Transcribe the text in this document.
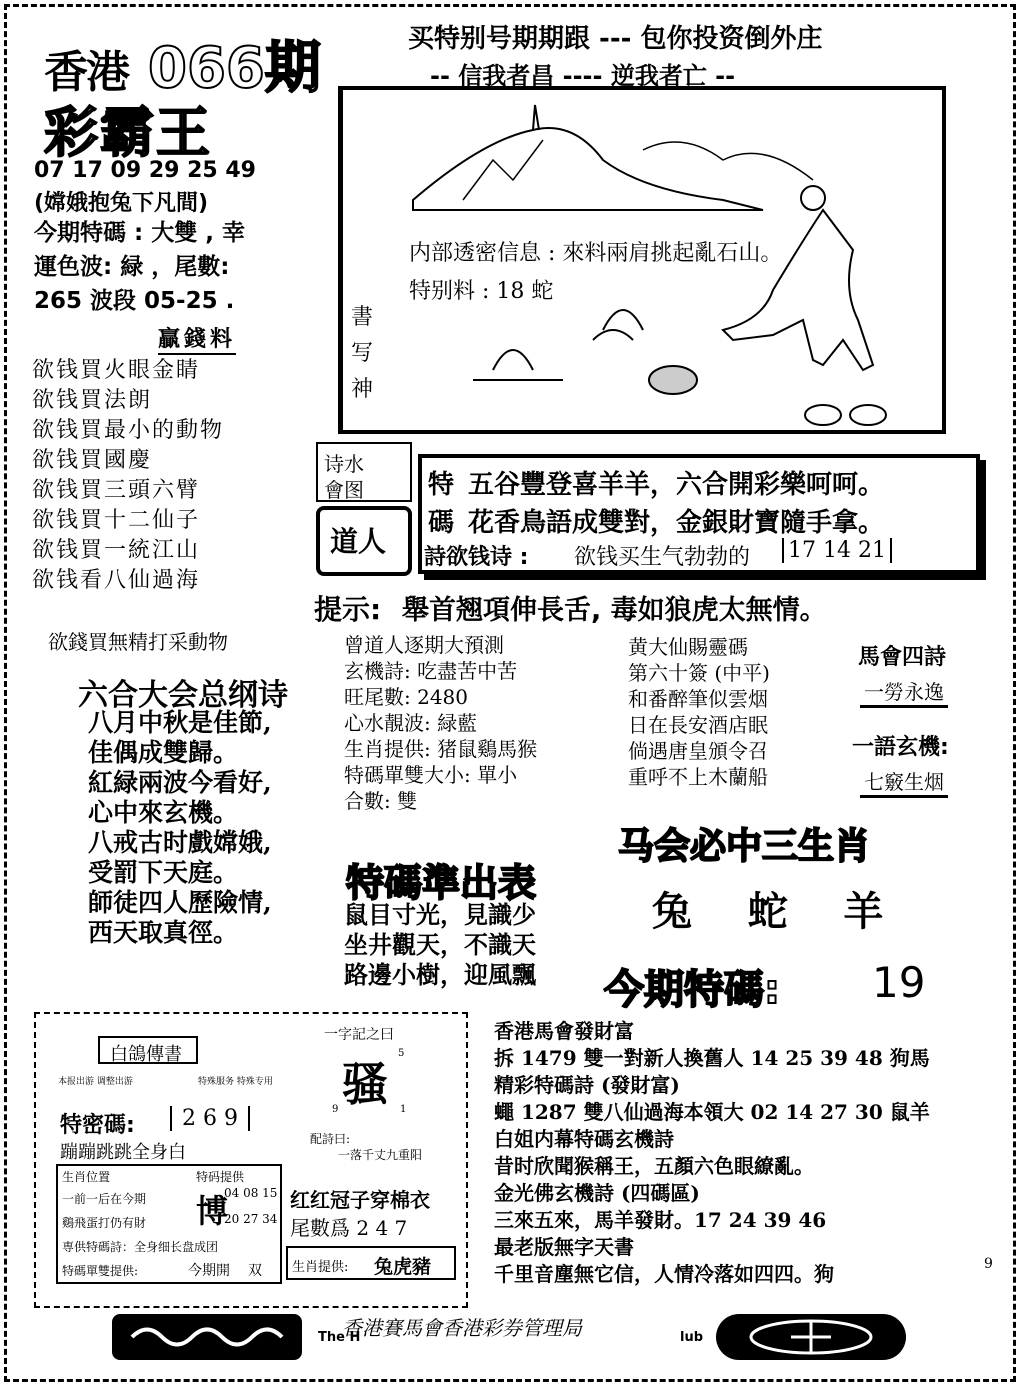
香港 066期
彩霸王
买特别号期期跟 --- 包你投资倒外庄
-- 信我者昌 ---- 逆我者亡 --
07 17 09 29 25 49
(嫦娥抱兔下凡間)
今期特碼 : 大雙 , 幸
運色波: 緑 ，尾數:
265 波段 05-25 .
贏錢料
欲钱買火眼金睛
欲钱買法朗
欲钱買最小的動物
欲钱買國慶
欲钱買三頭六臂
欲钱買十二仙子
欲钱買一統江山
欲钱看八仙過海
欲錢買無精打采動物
書写神
内部透密信息 : 來料兩肩挑起亂石山。
特别料 : 18 蛇
诗水
會图
道人
特 五谷豐登喜羊羊，六合開彩樂呵呵。
碼 花香鳥語成雙對，金銀財寶隨手拿。
詩欲钱诗 : 欲钱买生气勃勃的 17 14 21
提示: 舉首翘項伸長舌, 毒如狼虎太無情。
六合大会总纲诗
八月中秋是佳節,
佳偶成雙歸。
紅緑兩波今看好,
心中來玄機。
八戒古时戲嫦娥,
受罰下天庭。
師徒四人歷險情,
西天取真徑。
曾道人逐期大預測
玄機詩: 吃盡苦中苦
旺尾數: 2480
心水靚波: 緑藍
生肖提供: 猪鼠鷄馬猴
特碼單雙大小: 單小
合數: 雙
黄大仙賜靈碼
第六十簽 (中平)
和番醉筆似雲烟
日在長安酒店眠
倘遇唐皇頒令召
重呼不上木蘭船
馬會四詩
一勞永逸
一語玄機:
七竅生烟
特碼準出表
鼠目寸光，見識少
坐井觀天，不識天
路邊小樹，迎風飄
马会必中三生肖
兔    蛇    羊
今期特碼: 19
白鴿傳書
本报出游 调整出游	特殊服务 特殊专用
特密碼:	2 6 9
蹦蹦跳跳全身白
生肖位置
一前一后在今期
鷄飛蛋打仍有財
特码提供
博
04 08 15
20 27 34
専供特碼詩：全身细长盘成团
特碼單雙提供:	今期開 双
一字記之曰
骚
5
9	1
配詩曰:
一落千丈九重阳
红红冠子穿棉衣
尾數爲 2 4 7
生肖提供: 兔虎豬
香港馬會發財富
拆 1479 雙一對新人換舊人 14 25 39 48 狗馬
精彩特碼詩 (發財富)
蠅 1287 雙八仙過海本領大 02 14 27 30 鼠羊
白姐内幕特碼玄機詩
昔时欣聞猴稱王，五顏六色眼繚亂。
金光佛玄機詩 (四碼區)
三來五來，馬羊發財。17 24 39 46
最老版無字天書
千里音塵無它信，人情冷落如四四。狗	9
The H
香港賽馬會香港彩券管理局	lub
